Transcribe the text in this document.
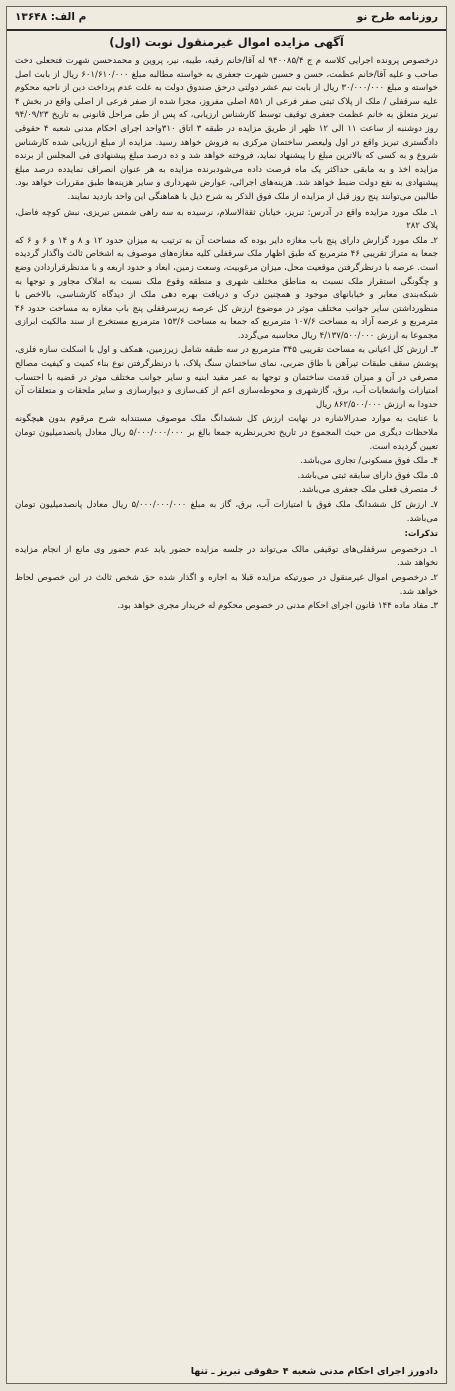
م الف: ۱۳۶۴۸	روزنامه طرح نو
آگهی مزایده اموال غیرمنقول نوبت (اول)

درخصوص پرونده اجرایی کلاسه م ج ۹۴۰۰۸۵/۴ له آقا/خانم رقیه، طیبه، نیر، پروین و محمدحسن شهرت فتحعلی دخت صاحب و علیه آقا/خانم عظمت، حسن و حسین شهرت جعفری به خواسته مطالبه مبلغ ۶۰۱/۶۱۰/۰۰۰ ریال از بابت اصل خواسته و مبلغ ۳۰/۰۰۰/۰۰۰ ریال از بابت نیم عشر دولتی درحق صندوق دولت به علت عدم پرداخت دین از ناحیه محکوم علیه سرقفلی / ملک از پلاک ثبتی صفر فرعی از ۸۵۱ اصلی مفروز، مجزا شده از صفر فرعی از اصلی واقع در بخش ۴ تبریز متعلق به خانم عظمت جعفری توقیف توسط کارشناس ارزیابی، که پس از طی مراحل قانونی به تاریخ ۹۴/۰۹/۲۳ روز دوشنبه از ساعت ۱۱ الی ۱۲ ظهر از طریق مزایده در طبقه ۳ اتاق ۳۱۰واحد اجرای احکام مدنی شعبه ۴ حقوقی دادگستری تبریز واقع در اول ولیعصر ساختمان مرکزی به فروش خواهد رسید. مزایده از مبلغ ارزیابی شده کارشناس شروع و به کسی که بالاترین مبلغ را پیشنهاد نماید، فروخته خواهد شد و ده درصد مبلغ پیشنهادی فی المجلس از برنده مزایده اخذ و به مابقی حداکثر یک ماه فرصت داده می‌شودبرنده مزایده به هر عنوان انصراف نمایدده درصد مبلغ پیشنهادی به نفع دولت ضبط خواهد شد. هزینه‌های اجرائی، عوارض شهرداری و سایر هزینه‌ها طبق مقررات خواهد بود. طالبین می‌توانند پنج روز قبل از مزایده از ملک فوق الذکر به شرح ذیل با هماهنگی این واحد بازدید نمایند.

۱ـ ملک مورد مزایده واقع در آدرس: تبریز، خیابان ثقةالاسلام، نرسیده به سه راهی شمس تبریزی، نبش کوچه فاضل، پلاک ۲۸۲

۲ـ ملک مورد گزارش دارای پنج باب مغازه دایر بوده که مساحت آن به ترتیب به میزان حدود ۱۲ و ۸ و ۱۴ و ۶ و ۶ که جمعا به متراژ تقریبی ۴۶ مترمربع که طبق اظهار ملک سرقفلی کلیه مغازه‌های موصوف به اشخاص ثالث واگذار گردیده است. عرصه با درنظرگرفتن موقعیت محل، میزان مرغوبیت، وسعت زمین، ابعاد و حدود اربعه و با مدنظرقراردادن وضع و چگونگی استقرار ملک نسبت به مناطق مختلف شهری و منطقه وقوع ملک نسبت به املاک مجاور و توجها به شبکه‌بندی معابر و خیابانهای موجود و همچنین درک و دریافت بهره دهی ملک از دیدگاه کارشناسی، بالاخص با منظورداشتن سایر جوانب مختلف موثر در موضوع ارزش کل عرصه زیرسرقفلی پنج باب مغازه به مساحت حدود ۴۶ مترمربع و عرصه آزاد به مساحت ۱۰۷/۶ مترمربع که جمعا به مساحت ۱۵۳/۶ مترمربع مستخرج از سند مالکیت ابرازی مجموعا به ارزش ۴/۱۳۷/۵۰۰/۰۰۰ ریال محاسبه می‌گردد.

۳ـ ارزش کل اعیانی به مساحت تقریبی ۳۴۵ مترمربع در سه طبقه شامل زیرزمین، همکف و اول با اسکلت سازه فلزی، پوشش سقف طبقات تیرآهن با طاق ضربی، نمای ساختمان سنگ پلاک، با درنظرگرفتن نوع بناء کمیت و کیفیت مصالح مصرفی در آن و میزان قدمت ساختمان و توجها به عمر مفید ابنیه و سایر جوانب مختلف موثر در قضیه با احتساب امتیازات وانشعابات آب، برق، گازشهری و محوطه‌سازی اعم از کف‌سازی و دیوارسازی و سایر ملحقات و متعلقات آن حدودا به ارزش ۸۶۲/۵۰۰/۰۰۰ ریال

با عنایت به موارد صدرالاشاره در نهایت ارزش کل ششدانگ ملک موصوف مستندابه شرح مرقوم بدون هیچگونه ملاحظات دیگری من حیث المجموع در تاریخ تحریرنظریه جمعا بالغ بر ۵/۰۰۰/۰۰۰/۰۰۰ ریال معادل پانصدمیلیون تومان تعیین گردیده است.

۴ـ ملک فوق مسکونی/ تجاری می‌باشد.

۵ـ ملک فوق دارای سابقه ثبتی می‌باشد.

۶ـ متصرف فعلی ملک جعفری می‌باشد.

۷ـ ارزش کل ششدانگ ملک فوق با امتیازات آب، برق، گاز به مبلغ ۵/۰۰۰/۰۰۰/۰۰۰ ریال معادل پانصدمیلیون تومان می‌باشد.

تذکرات:

۱ـ درخصوص سرقفلی‌های توقیفی مالک می‌تواند در جلسه مزایده حضور یابد عدم حضور وی مانع از انجام مزایده نخواهد شد.

۲ـ درخصوص اموال غیرمنقول در صورتیکه مزایده قبلا به اجاره و اگذار شده حق شخص ثالث در این خصوص لحاظ خواهد شد.

۳ـ مفاد ماده ۱۴۴ قانون اجرای احکام مدنی در خصوص محکوم له خریدار مجری خواهد بود.

دادورز اجرای احکام مدنی شعبه ۴ حقوقی تبریز ـ تنها
